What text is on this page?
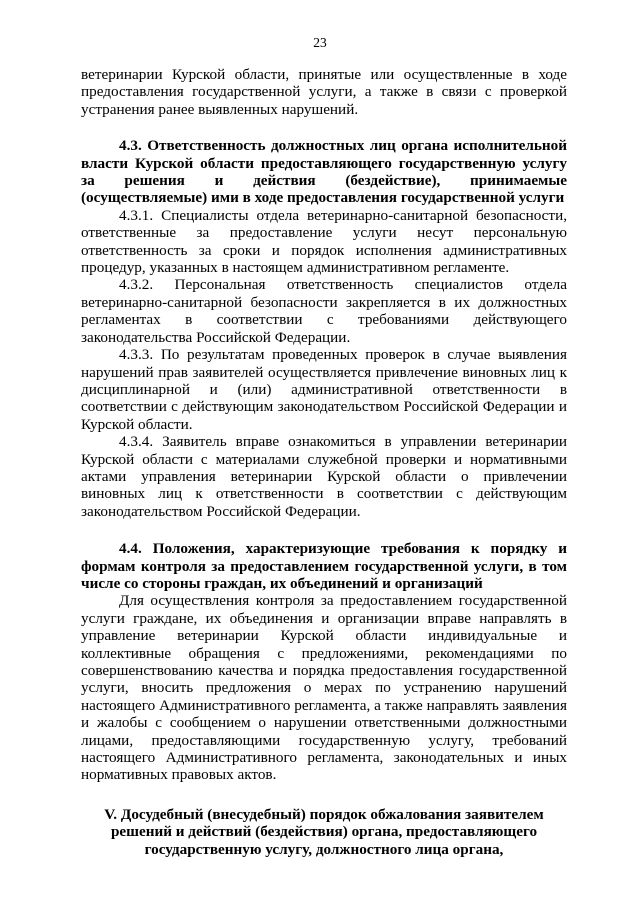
23

ветеринарии Курской области, принятые или осуществленные в ходе предоставления государственной услуги, а также в связи с проверкой устранения ранее выявленных нарушений.

4.3. Ответственность должностных лиц органа исполнительной власти Курской области предоставляющего государственную услугу за решения и действия (бездействие), принимаемые (осуществляемые) ими в ходе предоставления государственной услуги

4.3.1. Специалисты отдела ветеринарно-санитарной безопасности, ответственные за предоставление услуги несут персональную ответственность за сроки и порядок исполнения административных процедур, указанных в настоящем административном регламенте.

4.3.2. Персональная ответственность специалистов отдела ветеринарно-санитарной безопасности закрепляется в их должностных регламентах в соответствии с требованиями действующего законодательства Российской Федерации.

4.3.3. По результатам проведенных проверок в случае выявления нарушений прав заявителей осуществляется привлечение виновных лиц к дисциплинарной и (или) административной ответственности в соответствии с действующим законодательством Российской Федерации и Курской области.

4.3.4. Заявитель вправе ознакомиться в управлении ветеринарии Курской области с материалами служебной проверки и нормативными актами управления ветеринарии Курской области о привлечении виновных лиц к ответственности в соответствии с действующим законодательством Российской Федерации.

4.4. Положения, характеризующие требования к порядку и формам контроля за предоставлением государственной услуги, в том числе со стороны граждан, их объединений и организаций

Для осуществления контроля за предоставлением государственной услуги граждане, их объединения и организации вправе направлять в управление ветеринарии Курской области индивидуальные и коллективные обращения с предложениями, рекомендациями по совершенствованию качества и порядка предоставления государственной услуги, вносить предложения о мерах по устранению нарушений настоящего Административного регламента, а также направлять заявления и жалобы с сообщением о нарушении ответственными должностными лицами, предоставляющими государственную услугу, требований настоящего Административного регламента, законодательных и иных нормативных правовых актов.

V. Досудебный (внесудебный) порядок обжалования заявителем решений и действий (бездействия) органа, предоставляющего государственную услугу, должностного лица органа,
